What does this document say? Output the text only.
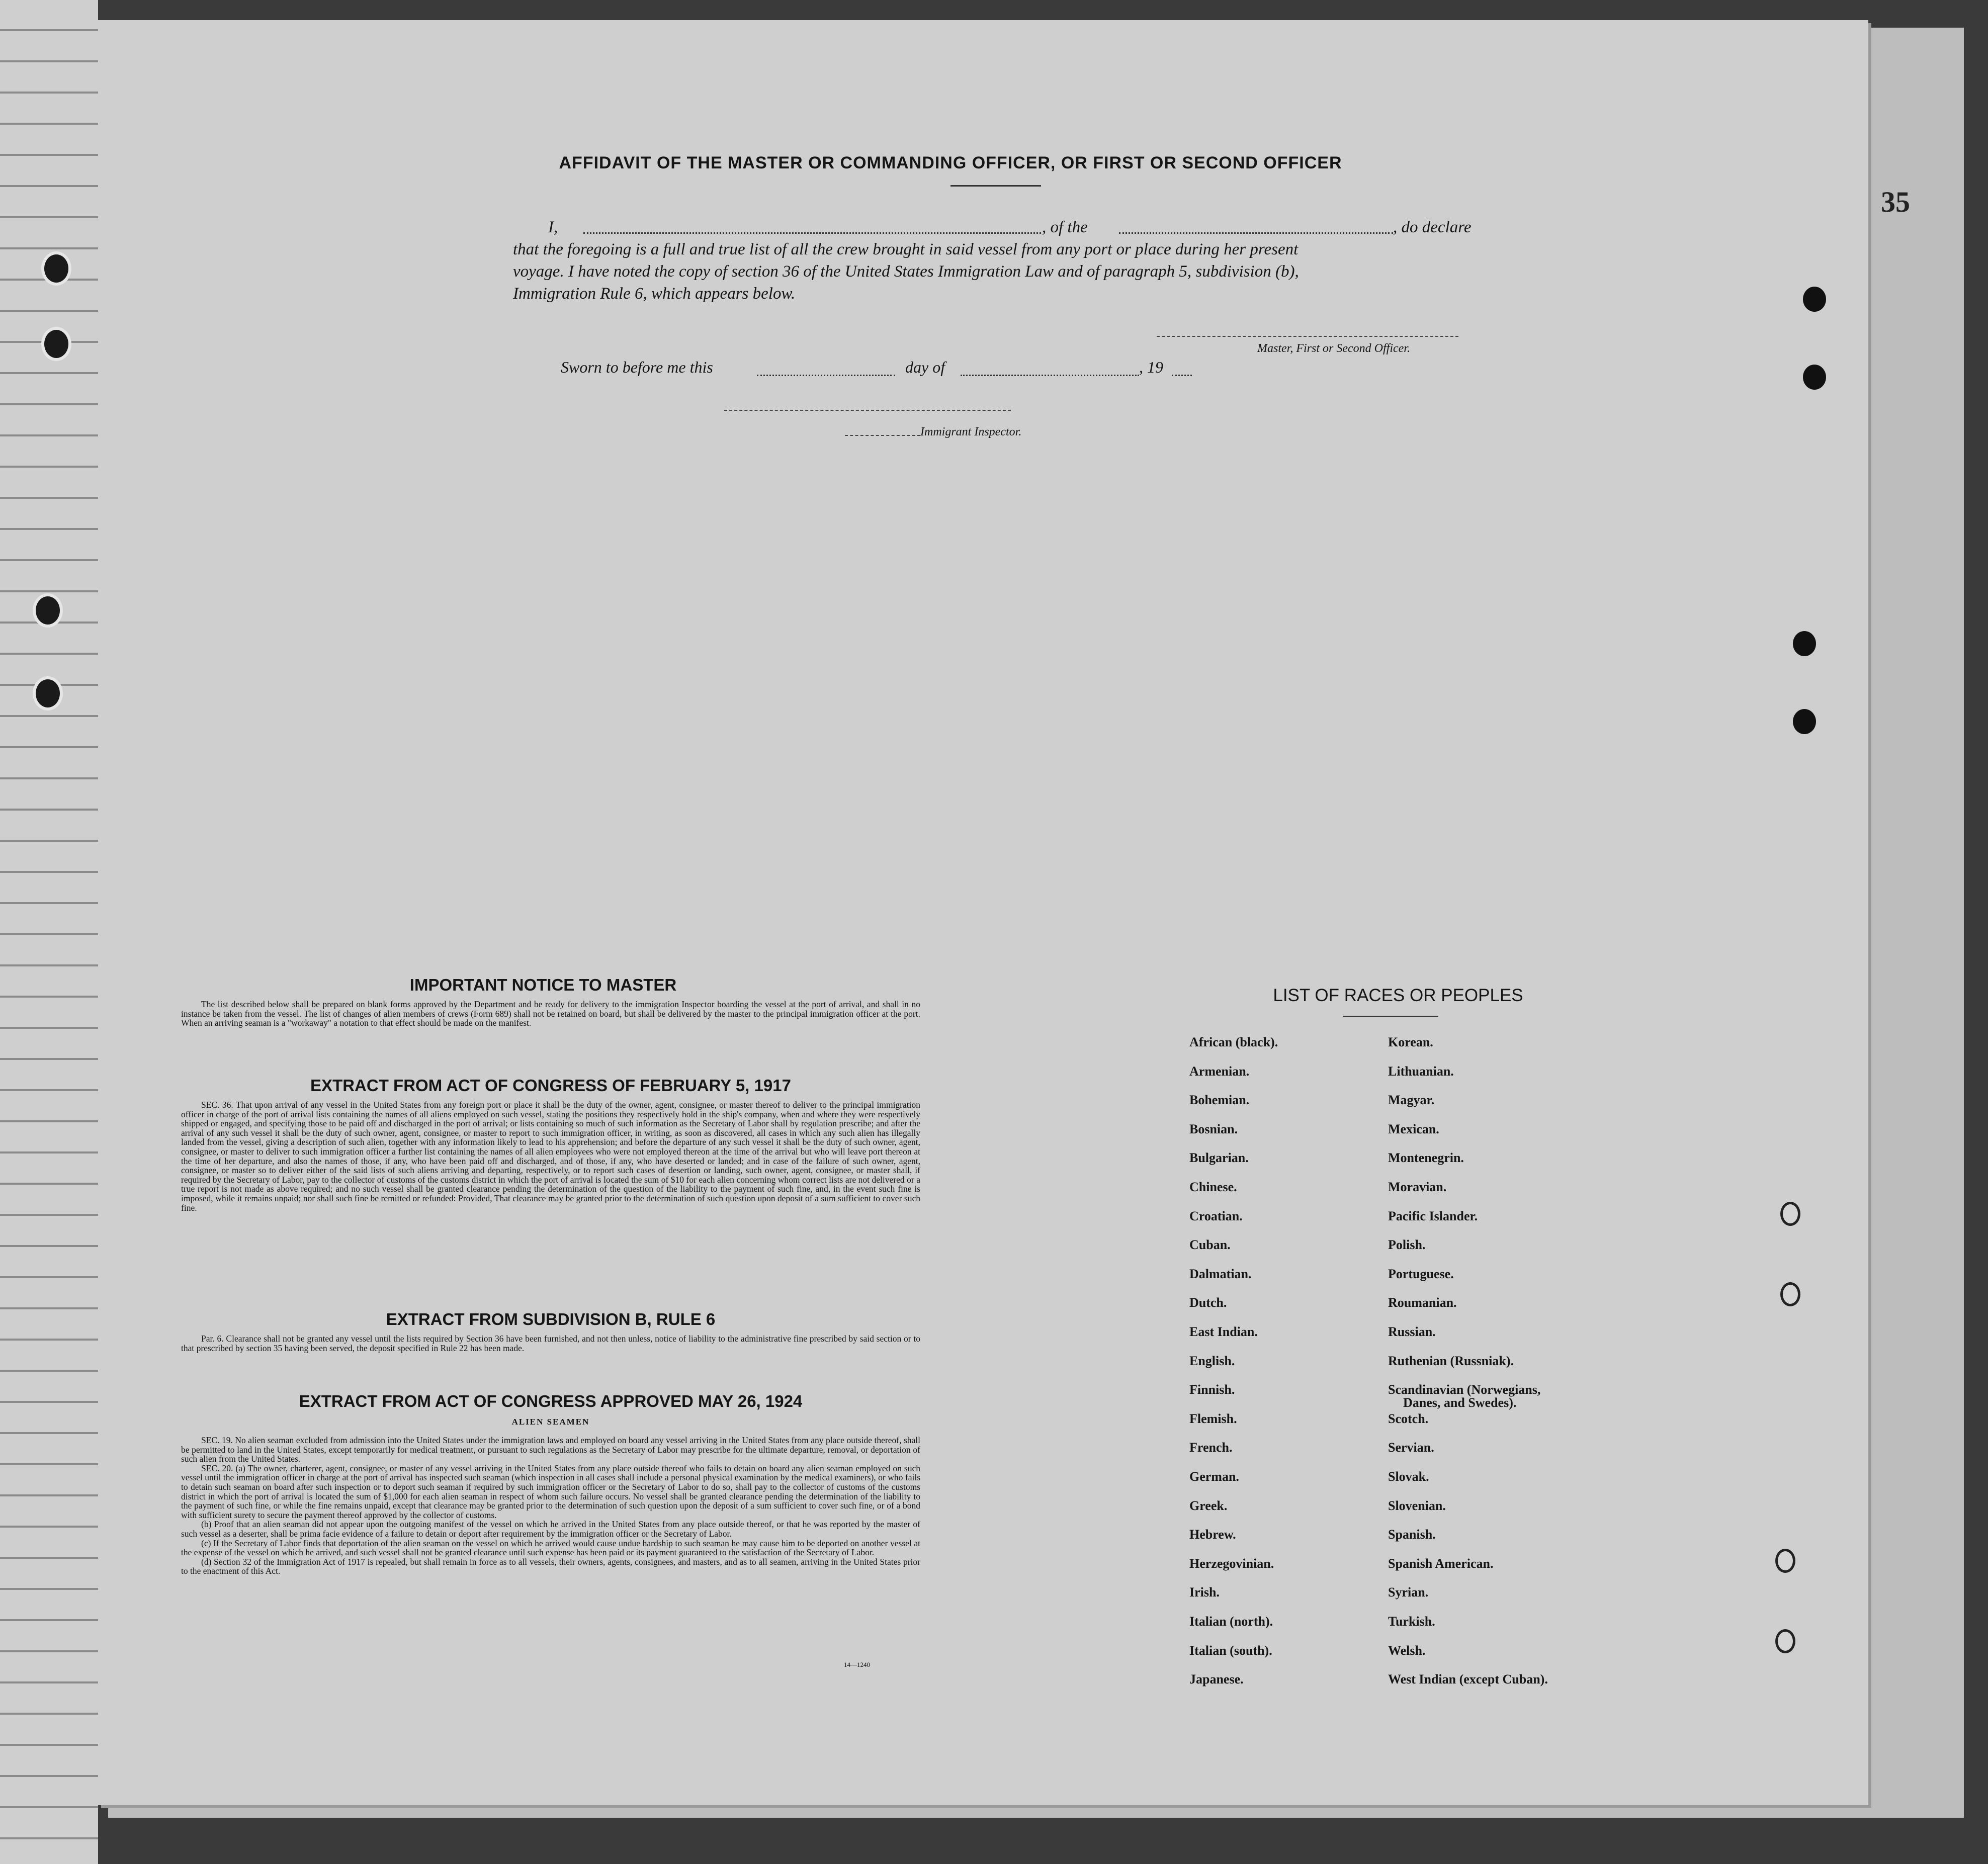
35
AFFIDAVIT OF THE MASTER OR COMMANDING OFFICER, OR FIRST OR SECOND OFFICER
I,	, of the	, do declare
that the foregoing is a full and true list of all the crew brought in said vessel from any port or place during her present
voyage. I have noted the copy of section 36 of the United States Immigration Law and of paragraph 5, subdivision (b),
Immigration Rule 6, which appears below.
Master, First or Second Officer.
Sworn to before me this	day of	, 19
Immigrant Inspector.
IMPORTANT NOTICE TO MASTER

The list described below shall be prepared on blank forms approved by the Department and be ready for delivery to the immigration Inspector boarding the vessel at the port of arrival, and shall in no instance be taken from the vessel. The list of changes of alien members of crews (Form 689) shall not be retained on board, but shall be delivered by the master to the principal immigration officer at the port. When an arriving seaman is a "workaway" a notation to that effect should be made on the manifest.

EXTRACT FROM ACT OF CONGRESS OF FEBRUARY 5, 1917

SEC. 36. That upon arrival of any vessel in the United States from any foreign port or place it shall be the duty of the owner, agent, consignee, or master thereof to deliver to the principal immigration officer in charge of the port of arrival lists containing the names of all aliens employed on such vessel, stating the positions they respectively hold in the ship's company, when and where they were respectively shipped or engaged, and specifying those to be paid off and discharged in the port of arrival; or lists containing so much of such information as the Secretary of Labor shall by regulation prescribe; and after the arrival of any such vessel it shall be the duty of such owner, agent, consignee, or master to report to such immigration officer, in writing, as soon as discovered, all cases in which any such alien has illegally landed from the vessel, giving a description of such alien, together with any information likely to lead to his apprehension; and before the departure of any such vessel it shall be the duty of such owner, agent, consignee, or master to deliver to such immigration officer a further list containing the names of all alien employees who were not employed thereon at the time of the arrival but who will leave port thereon at the time of her departure, and also the names of those, if any, who have been paid off and discharged, and of those, if any, who have deserted or landed; and in case of the failure of such owner, agent, consignee, or master so to deliver either of the said lists of such aliens arriving and departing, respectively, or to report such cases of desertion or landing, such owner, agent, consignee, or master shall, if required by the Secretary of Labor, pay to the collector of customs of the customs district in which the port of arrival is located the sum of $10 for each alien concerning whom correct lists are not delivered or a true report is not made as above required; and no such vessel shall be granted clearance pending the determination of the question of the liability to the payment of such fine, and, in the event such fine is imposed, while it remains unpaid; nor shall such fine be remitted or refunded: Provided, That clearance may be granted prior to the determination of such question upon deposit of a sum sufficient to cover such fine.

EXTRACT FROM SUBDIVISION B, RULE 6

Par. 6. Clearance shall not be granted any vessel until the lists required by Section 36 have been furnished, and not then unless, notice of liability to the administrative fine prescribed by said section or to that prescribed by section 35 having been served, the deposit specified in Rule 22 has been made.

EXTRACT FROM ACT OF CONGRESS APPROVED MAY 26, 1924
ALIEN SEAMEN

SEC. 19. No alien seaman excluded from admission into the United States under the immigration laws and employed on board any vessel arriving in the United States from any place outside thereof, shall be permitted to land in the United States, except temporarily for medical treatment, or pursuant to such regulations as the Secretary of Labor may prescribe for the ultimate departure, removal, or deportation of such alien from the United States.

SEC. 20. (a) The owner, charterer, agent, consignee, or master of any vessel arriving in the United States from any place outside thereof who fails to detain on board any alien seaman employed on such vessel until the immigration officer in charge at the port of arrival has inspected such seaman (which inspection in all cases shall include a personal physical examination by the medical examiners), or who fails to detain such seaman on board after such inspection or to deport such seaman if required by such immigration officer or the Secretary of Labor to do so, shall pay to the collector of customs of the customs district in which the port of arrival is located the sum of $1,000 for each alien seaman in respect of whom such failure occurs. No vessel shall be granted clearance pending the determination of the liability to the payment of such fine, or while the fine remains unpaid, except that clearance may be granted prior to the determination of such question upon the deposit of a sum sufficient to cover such fine, or of a bond with sufficient surety to secure the payment thereof approved by the collector of customs.

(b) Proof that an alien seaman did not appear upon the outgoing manifest of the vessel on which he arrived in the United States from any place outside thereof, or that he was reported by the master of such vessel as a deserter, shall be prima facie evidence of a failure to detain or deport after requirement by the immigration officer or the Secretary of Labor.

(c) If the Secretary of Labor finds that deportation of the alien seaman on the vessel on which he arrived would cause undue hardship to such seaman he may cause him to be deported on another vessel at the expense of the vessel on which he arrived, and such vessel shall not be granted clearance until such expense has been paid or its payment guaranteed to the satisfaction of the Secretary of Labor.

(d) Section 32 of the Immigration Act of 1917 is repealed, but shall remain in force as to all vessels, their owners, agents, consignees, and masters, and as to all seamen, arriving in the United States prior to the enactment of this Act.

14—1240
LIST OF RACES OR PEOPLES
African (black).
Armenian.
Bohemian.
Bosnian.
Bulgarian.
Chinese.
Croatian.
Cuban.
Dalmatian.
Dutch.
East Indian.
English.
Finnish.
Flemish.
French.
German.
Greek.
Hebrew.
Herzegovinian.
Irish.
Italian (north).
Italian (south).
Japanese.
Korean.
Lithuanian.
Magyar.
Mexican.
Montenegrin.
Moravian.
Pacific Islander.
Polish.
Portuguese.
Roumanian.
Russian.
Ruthenian (Russniak).
Scandinavian (Norwegians,
Danes, and Swedes).
Scotch.
Servian.
Slovak.
Slovenian.
Spanish.
Spanish American.
Syrian.
Turkish.
Welsh.
West Indian (except Cuban).
